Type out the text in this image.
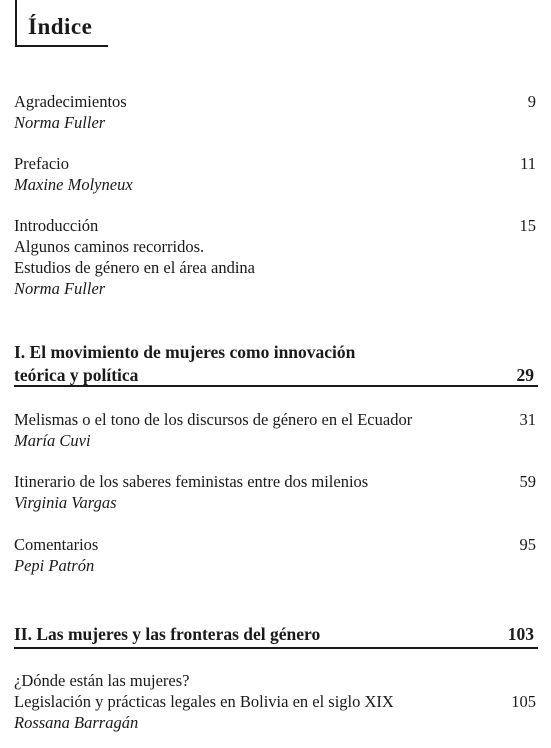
Índice
Agradecimientos
Norma Fuller
9
Prefacio
Maxine Molyneux
11
Introducción
Algunos caminos recorridos.
Estudios de género en el área andina
Norma Fuller
15
I. El movimiento de mujeres como innovación
teórica y política	29
Melismas o el tono de los discursos de género en el Ecuador
María Cuvi
31
Itinerario de los saberes feministas entre dos milenios
Virginia Vargas
59
Comentarios
Pepi Patrón
95
II. Las mujeres y las fronteras del género	103
¿Dónde están las mujeres?
Legislación y prácticas legales en Bolivia en el siglo XIX
Rossana Barragán
105
